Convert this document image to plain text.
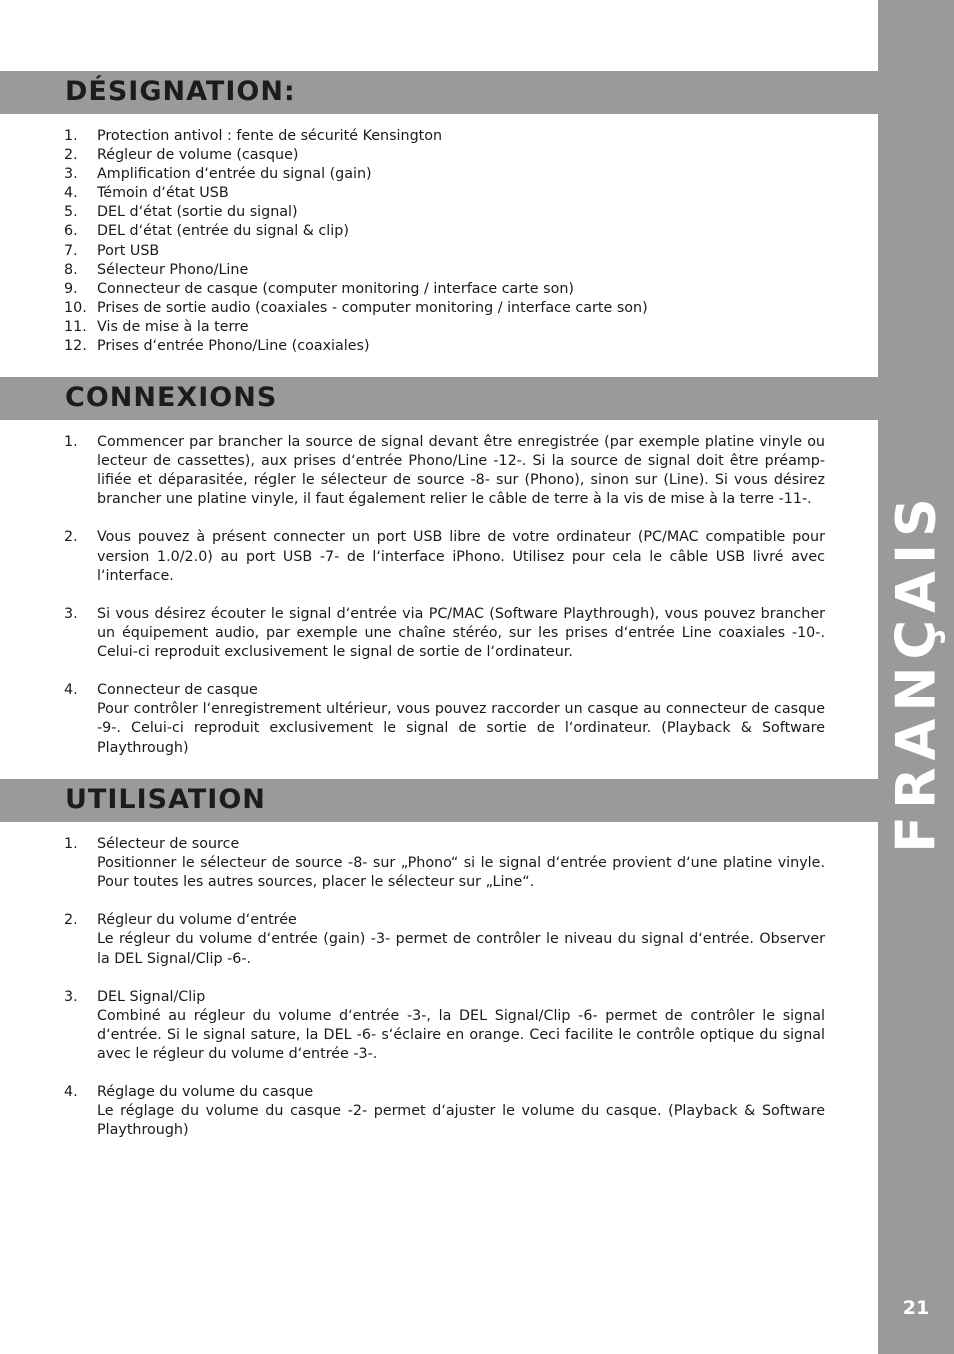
FRANÇAIS
21
DÉSIGNATION:
1. Protection antivol : fente de sécurité Kensington
2. Régleur de volume (casque)
3. Amplification d‘entrée du signal (gain)
4. Témoin d‘état USB
5. DEL d‘état (sortie du signal)
6. DEL d‘état (entrée du signal & clip)
7. Port USB
8. Sélecteur Phono/Line
9. Connecteur de casque (computer monitoring / interface carte son)
10. Prises de sortie audio (coaxiales - computer monitoring / interface carte son)
11. Vis de mise à la terre
12. Prises d‘entrée Phono/Line (coaxiales)
CONNEXIONS
1. Commencer par brancher la source de signal devant être enregistrée (par exemple platine vinyle ou lecteur de cassettes), aux prises d‘entrée Phono/Line -12-. Si la source de signal doit être préamp-lifiée et déparasitée, régler le sélecteur de source -8- sur (Phono), sinon sur (Line). Si vous désirez brancher une platine vinyle, il faut également relier le câble de terre à la vis de mise à la terre -11-.
2. Vous pouvez à présent connecter un port USB libre de votre ordinateur (PC/MAC compatible pour version 1.0/2.0) au port USB -7- de l‘interface iPhono. Utilisez pour cela le câble USB livré avec l‘interface.
3. Si vous désirez écouter le signal d‘entrée via PC/MAC (Software Playthrough), vous pouvez brancher un équipement audio, par exemple une chaîne stéréo, sur les prises d‘entrée Line coaxiales -10-. Celui-ci reproduit exclusivement le signal de sortie de l‘ordinateur.
4. Connecteur de casque
Pour contrôler l‘enregistrement ultérieur, vous pouvez raccorder un casque au connecteur de casque -9-. Celui-ci reproduit exclusivement le signal de sortie de l‘ordinateur. (Playback & Software Playthrough)
UTILISATION
1. Sélecteur de source
Positionner le sélecteur de source -8- sur „Phono“ si le signal d‘entrée provient d‘une platine vinyle. Pour toutes les autres sources, placer le sélecteur sur „Line“.
2. Régleur du volume d‘entrée
Le régleur du volume d‘entrée (gain) -3- permet de contrôler le niveau du signal d‘entrée. Observer la DEL Signal/Clip -6-.
3. DEL Signal/Clip
Combiné au régleur du volume d‘entrée -3-, la DEL Signal/Clip -6- permet de contrôler le signal d‘entrée. Si le signal sature, la DEL -6- s‘éclaire en orange. Ceci facilite le contrôle optique du signal avec le régleur du volume d‘entrée -3-.
4. Réglage du volume du casque
Le réglage du volume du casque -2- permet d‘ajuster le volume du casque. (Playback & Software Playthrough)
